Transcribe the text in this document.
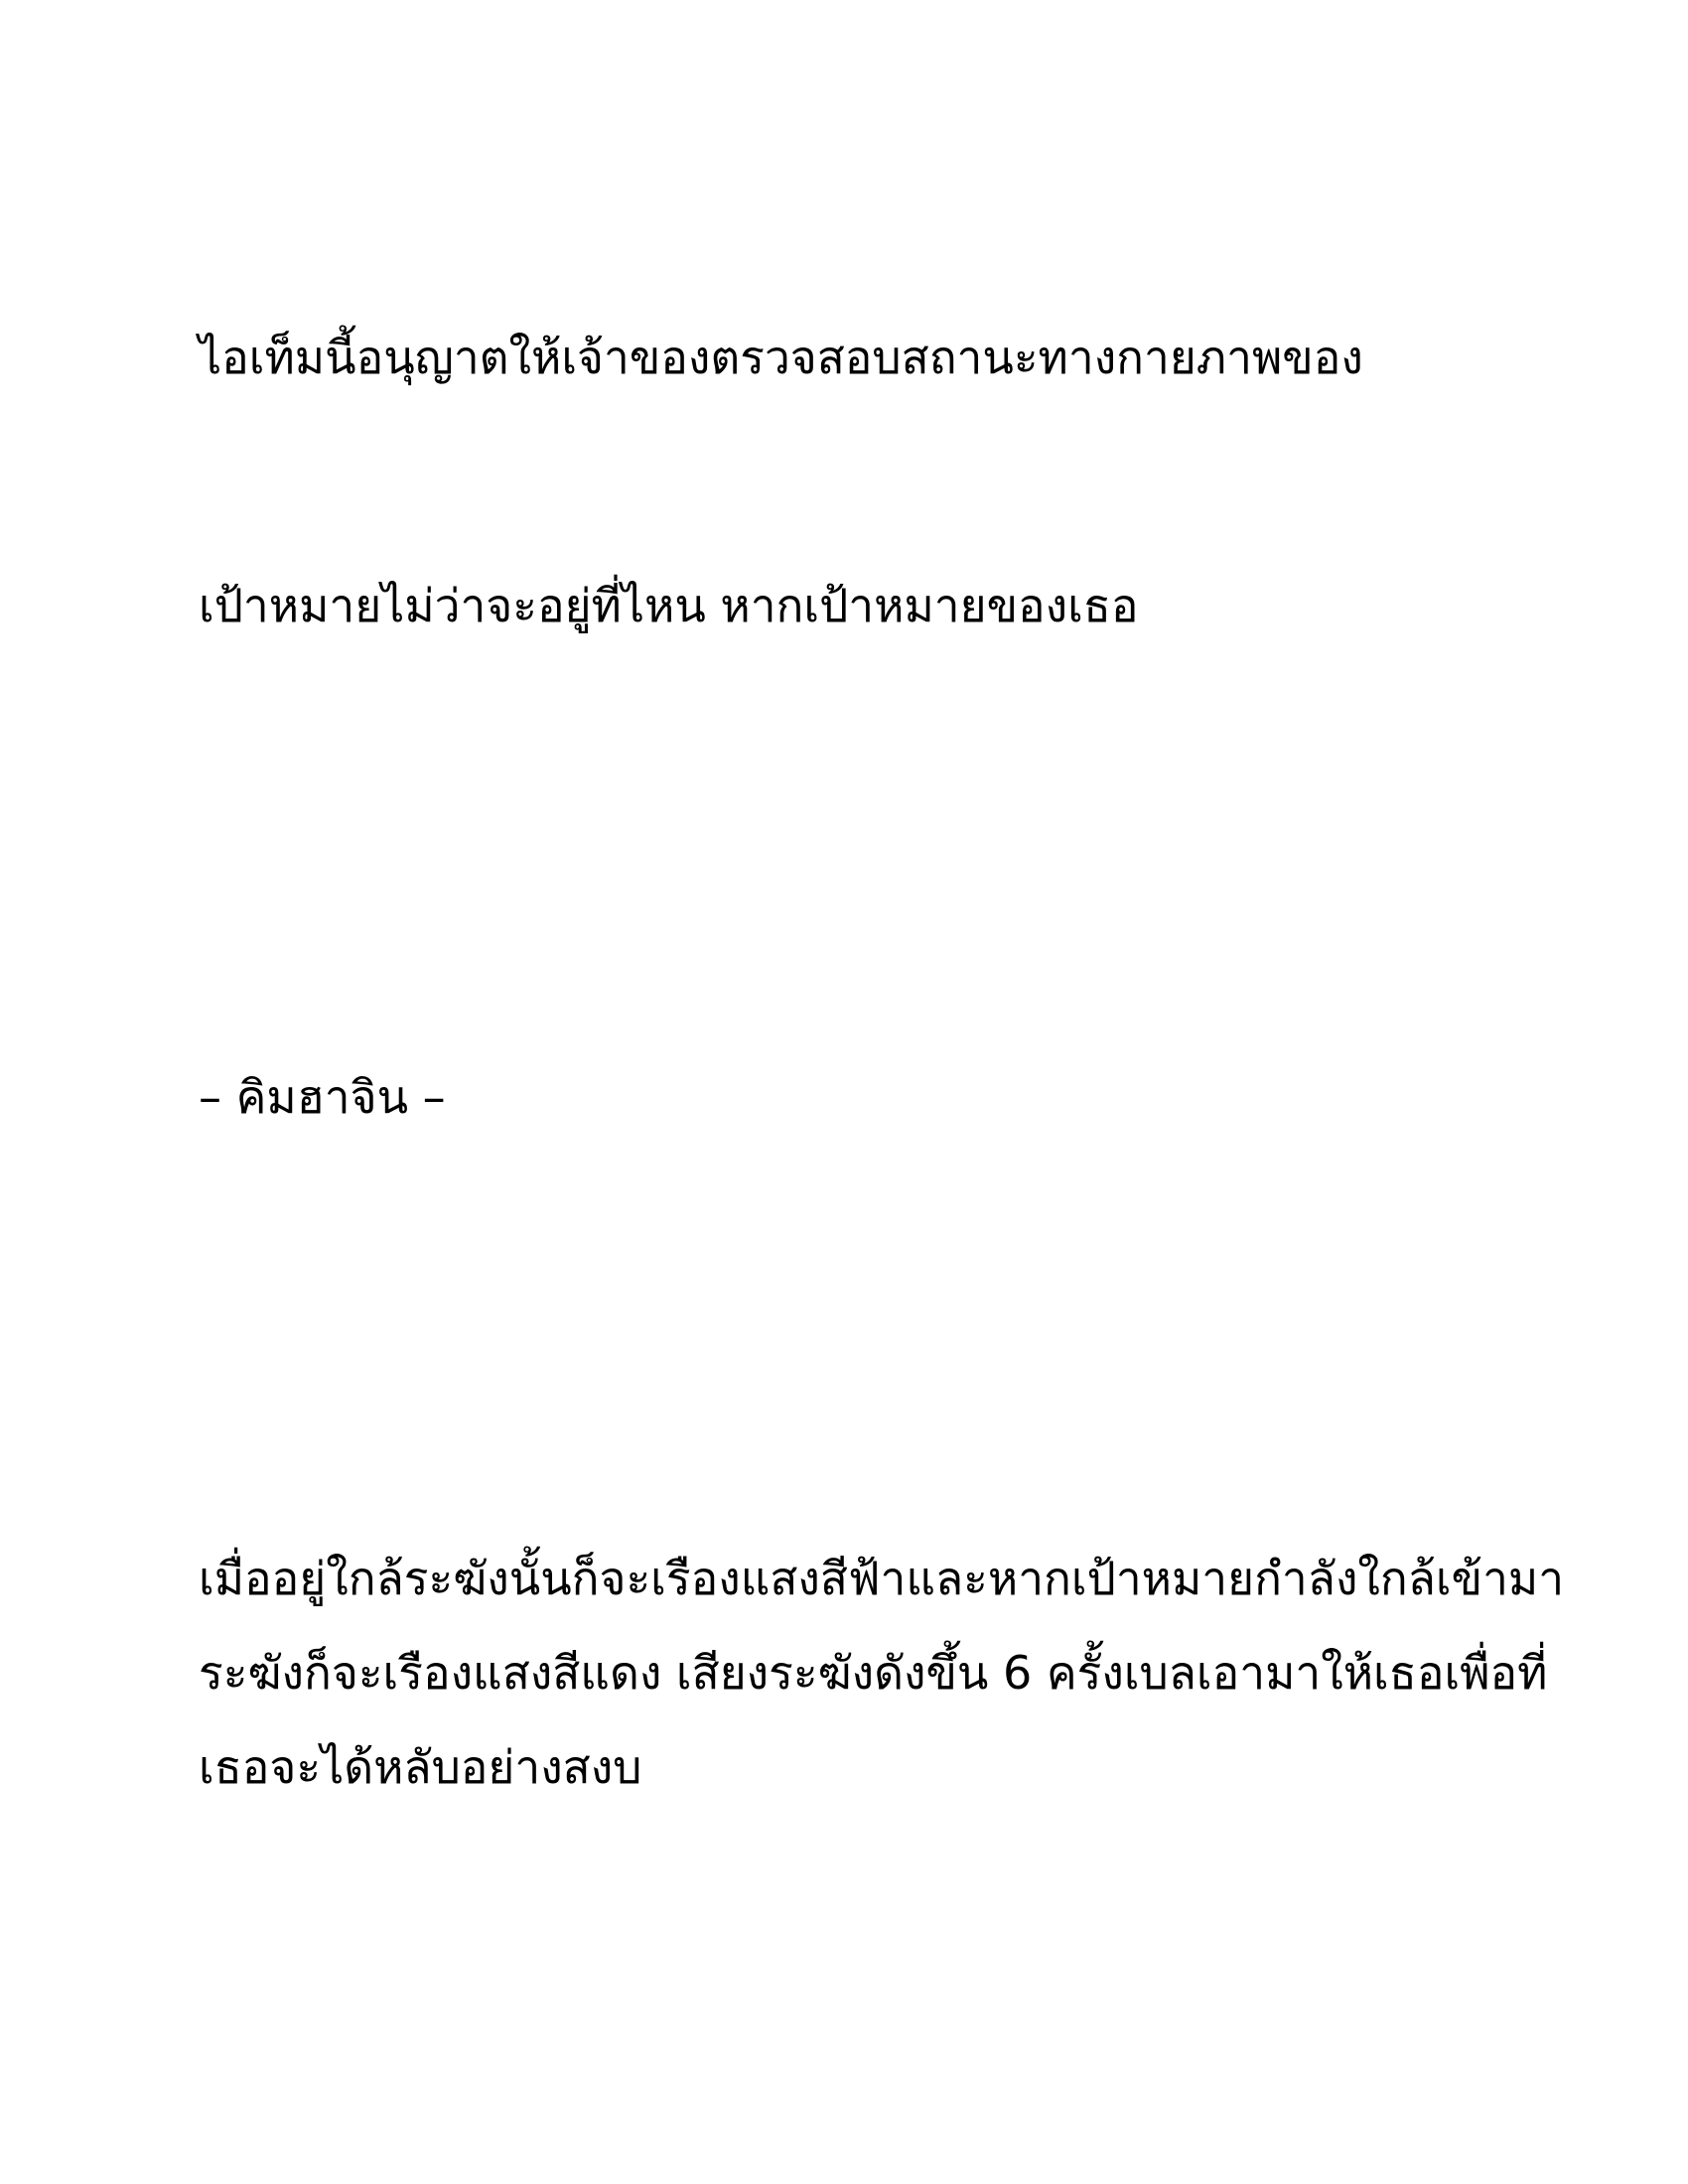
ไอเท็มนี้อนุญาตให้เจ้าของตรวจสอบสถานะทางกายภาพของ

เป้าหมายไม่ว่าจะอยู่ที่ไหน หากเป้าหมายของเธอ

– คิมฮาจิน –

เมื่ออยู่ใกล้ระฆังนั้นก็จะเรืองแสงสีฟ้าและหากเป้าหมายกำลังใกล้เข้ามา

ระฆังก็จะเรืองแสงสีแดง เสียงระฆังดังขึ้น 6 ครั้งเบลเอามาให้เธอเพื่อที่

เธอจะได้หลับอย่างสงบ
